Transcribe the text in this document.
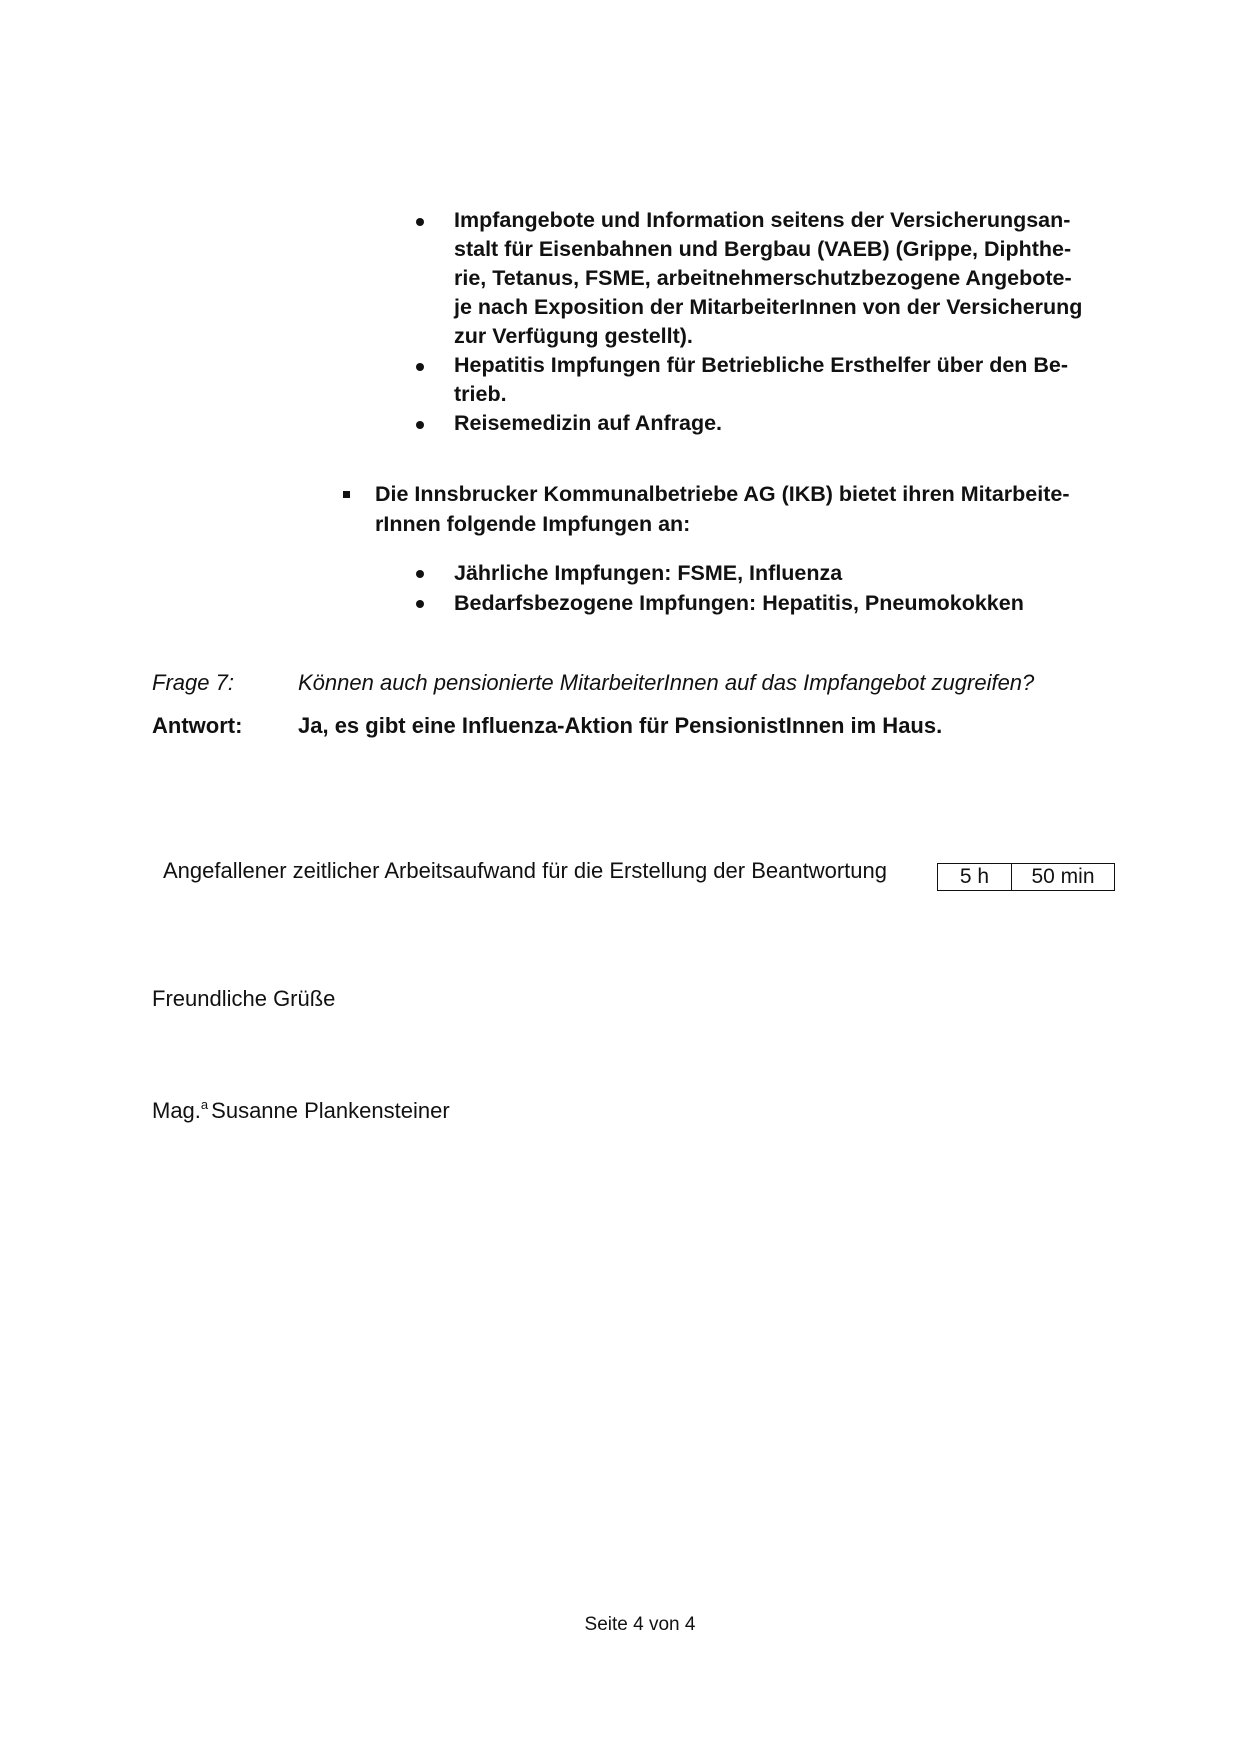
Impfangebote und Information seitens der Versicherungsan-
stalt für Eisenbahnen und Bergbau (VAEB) (Grippe, Diphthe-
rie, Tetanus, FSME, arbeitnehmerschutzbezogene Angebote-
je nach Exposition der MitarbeiterInnen von der Versicherung
zur Verfügung gestellt).
Hepatitis Impfungen für Betriebliche Ersthelfer über den Be-
trieb.
Reisemedizin auf Anfrage.
Die Innsbrucker Kommunalbetriebe AG (IKB) bietet ihren Mitarbeite-
rInnen folgende Impfungen an:
Jährliche Impfungen: FSME, Influenza
Bedarfsbezogene Impfungen: Hepatitis, Pneumokokken
Frage 7:	Können auch pensionierte MitarbeiterInnen auf das Impfangebot zugreifen?
Antwort:	Ja, es gibt eine Influenza-Aktion für PensionistInnen im Haus.
Angefallener zeitlicher Arbeitsaufwand für die Erstellung der Beantwortung	5 h	50 min
Freundliche Grüße
Mag.$^a$ Susanne Plankensteiner
Seite 4 von 4
